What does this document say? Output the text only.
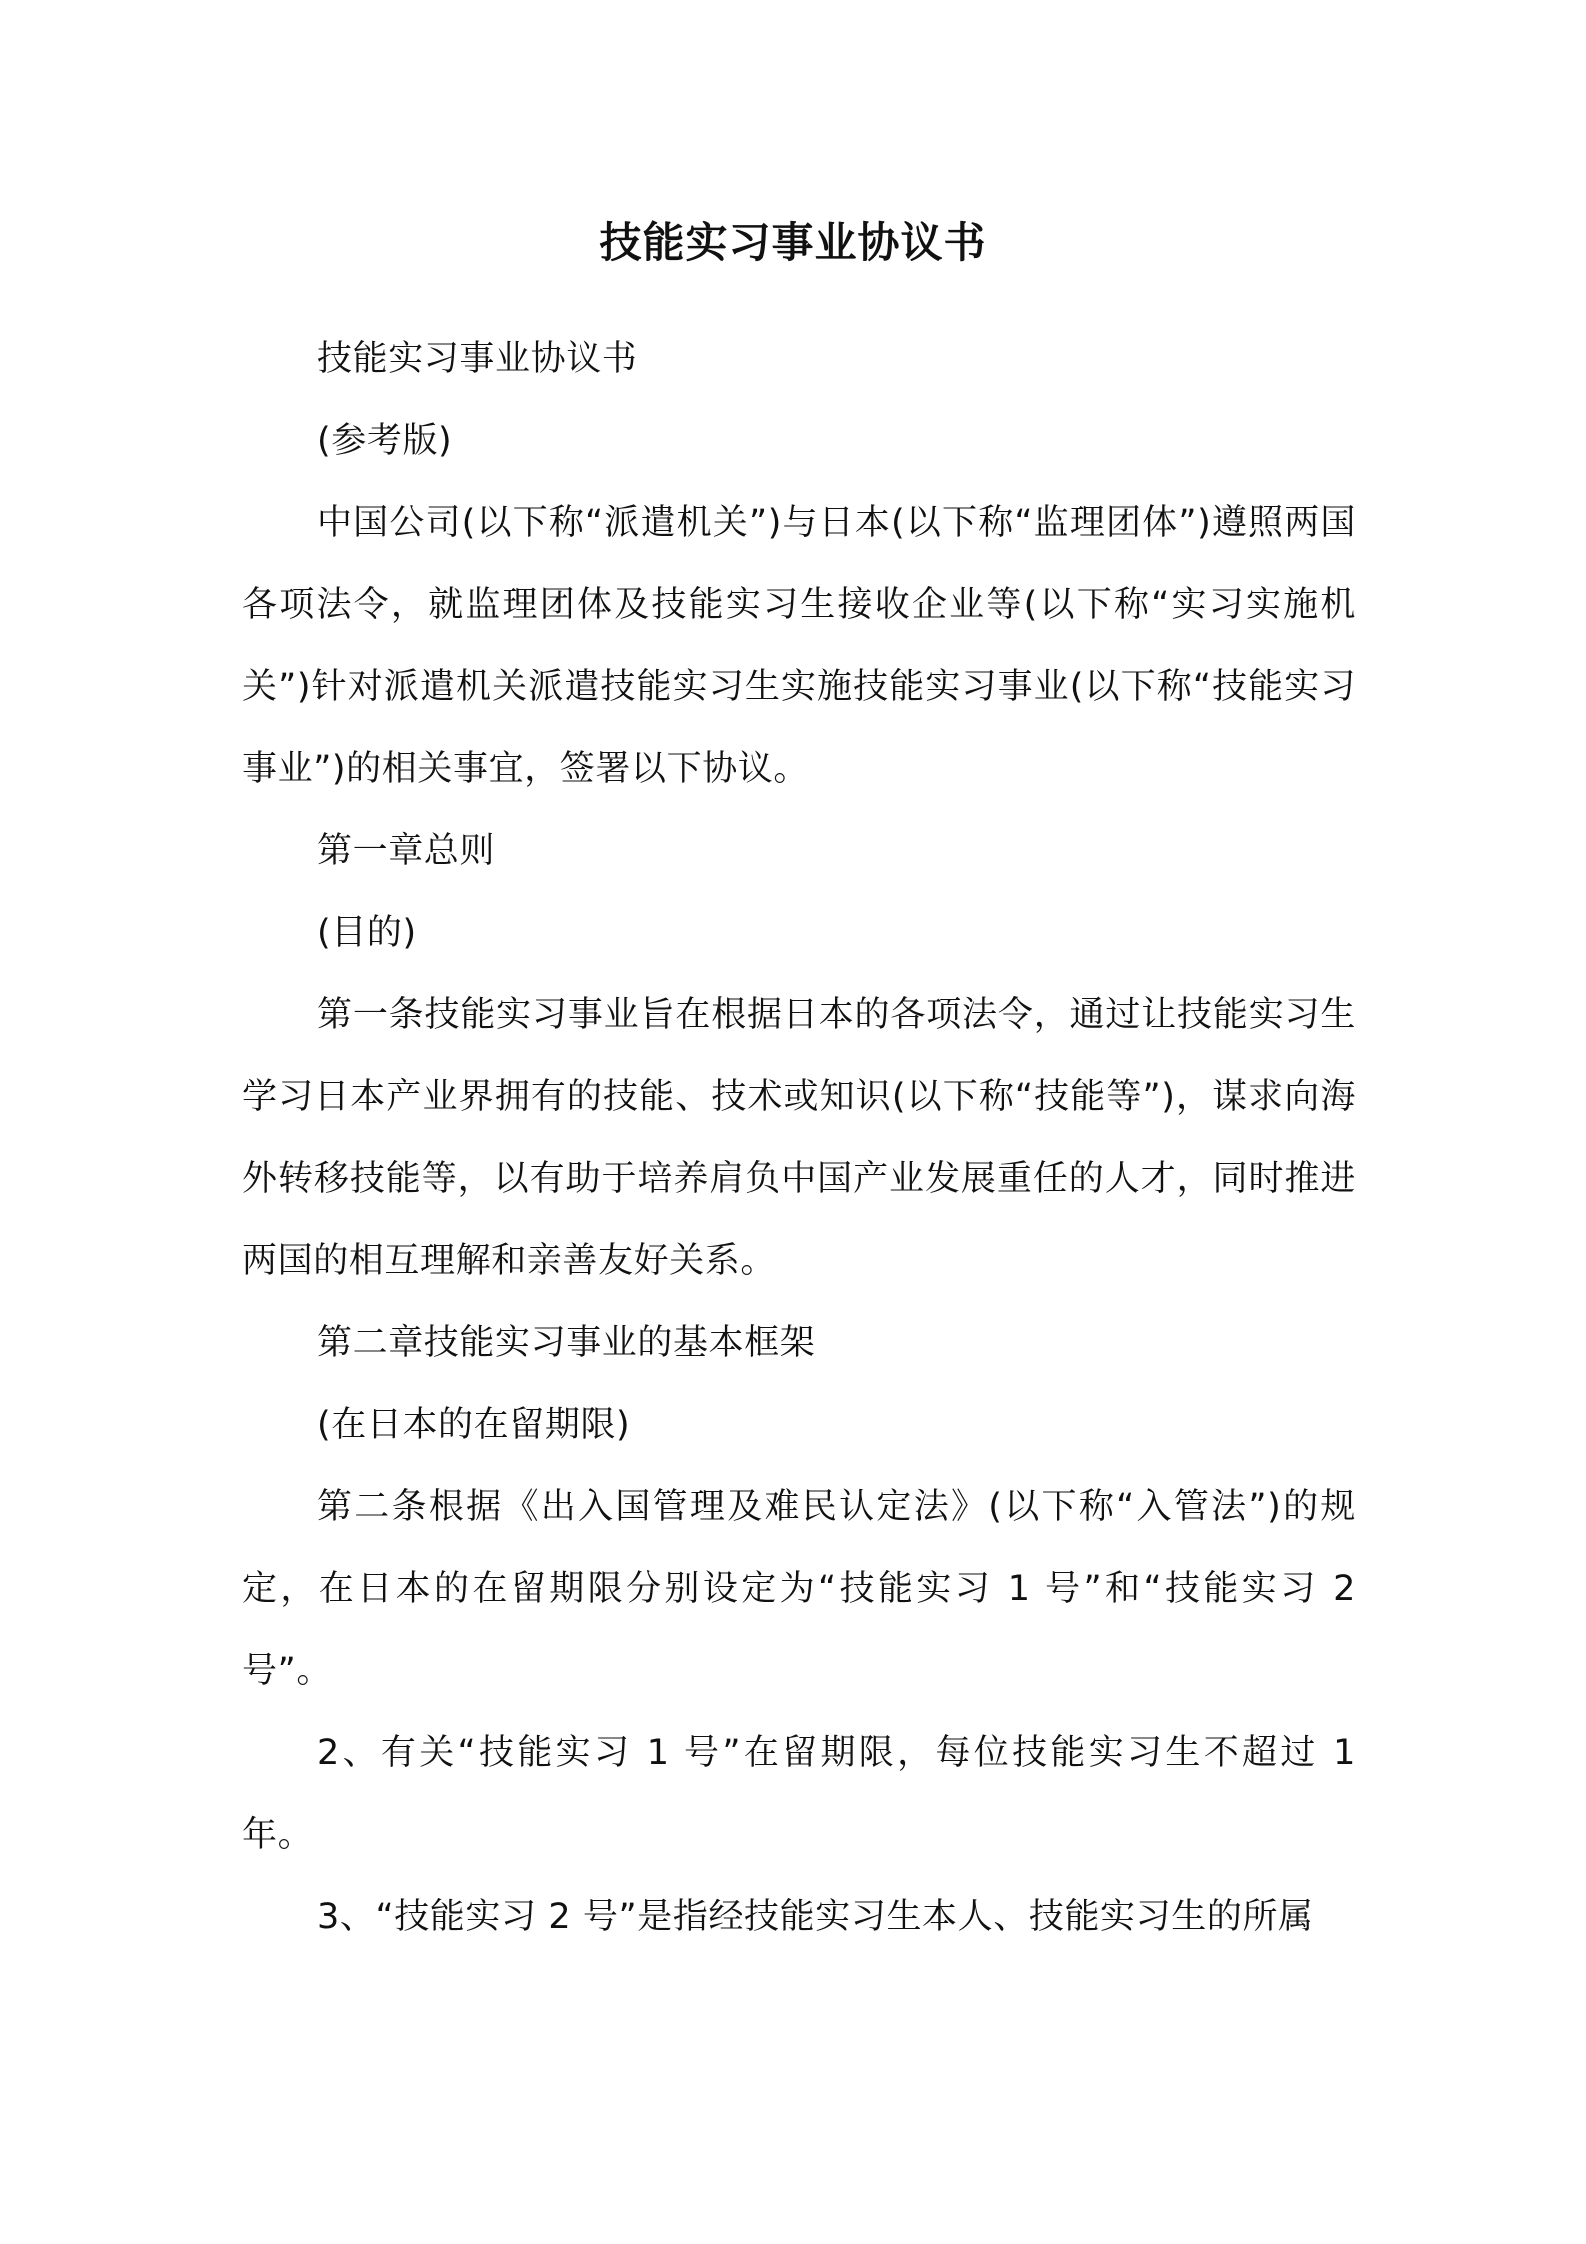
技能实习事业协议书

技能实习事业协议书

(参考版)

中国公司(以下称“派遣机关”)与日本(以下称“监理团体”)遵照两国各项法令，就监理团体及技能实习生接收企业等(以下称“实习实施机关”)针对派遣机关派遣技能实习生实施技能实习事业(以下称“技能实习事业”)的相关事宜，签署以下协议。

第一章总则

(目的)

第一条技能实习事业旨在根据日本的各项法令，通过让技能实习生学习日本产业界拥有的技能、技术或知识(以下称“技能等”)，谋求向海外转移技能等，以有助于培养肩负中国产业发展重任的人才，同时推进两国的相互理解和亲善友好关系。

第二章技能实习事业的基本框架

(在日本的在留期限)

第二条根据《出入国管理及难民认定法》(以下称“入管法”)的规定，在日本的在留期限分别设定为“技能实习 1 号”和“技能实习 2 号”。

2、有关“技能实习 1 号”在留期限，每位技能实习生不超过 1 年。

3、“技能实习 2 号”是指经技能实习生本人、技能实习生的所属
